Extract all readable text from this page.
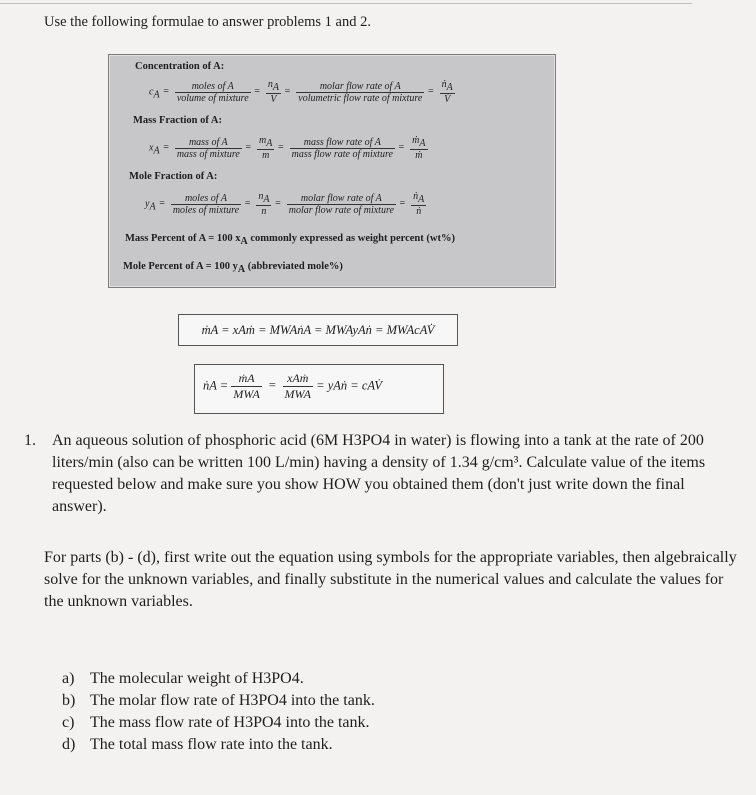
Use the following formulae to answer problems 1 and 2.
Concentration of A:
$c_A = \frac{\text{moles of A}}{\text{volume of mixture}} = \frac{n_A}{V} = \frac{\text{molar flow rate of A}}{\text{volumetric flow rate of mixture}} = \frac{ṅ_A}{V̇}$
Mass Fraction of A:
$x_A = \frac{\text{mass of A}}{\text{mass of mixture}} = \frac{m_A}{m} = \frac{\text{mass flow rate of A}}{\text{mass flow rate of mixture}} = \frac{ṁ_A}{\text{ṁ}}$
Mole Fraction of A:
$y_A = \frac{\text{moles of A}}{\text{moles of mixture}} = \frac{n_A}{n} = \frac{\text{molar flow rate of A}}{\text{molar flow rate of mixture}} = \frac{ṅ_A}{\text{ṅ}}$
Mass Percent of A = 100 $x_A$ commonly expressed as weight percent (wt%)
Mole Percent of A = 100 $y_A$ (abbreviated mole%)
ṁA = xAṁ = MWAṅA = MWAyAṅ = MWAcAV̇
ṅA = $\frac{\text{ṁA}}{\text{MWA}} = \frac{\text{xAṁ}}{\text{MWA}}$ = yAṅ = cAV̇
1. An aqueous solution of phosphoric acid (6M H3PO4 in water) is flowing into a tank at the rate of 200 liters/min (also can be written 100 L/min) having a density of 1.34 g/cm³. Calculate value of the items requested below and make sure you show HOW you obtained them (don't just write down the final answer).
For parts (b) - (d), first write out the equation using symbols for the appropriate variables, then algebraically solve for the unknown variables, and finally substitute in the numerical values and calculate the values for the unknown variables.
a) The molecular weight of H3PO4.
b) The molar flow rate of H3PO4 into the tank.
c) The mass flow rate of H3PO4 into the tank.
d) The total mass flow rate into the tank.
